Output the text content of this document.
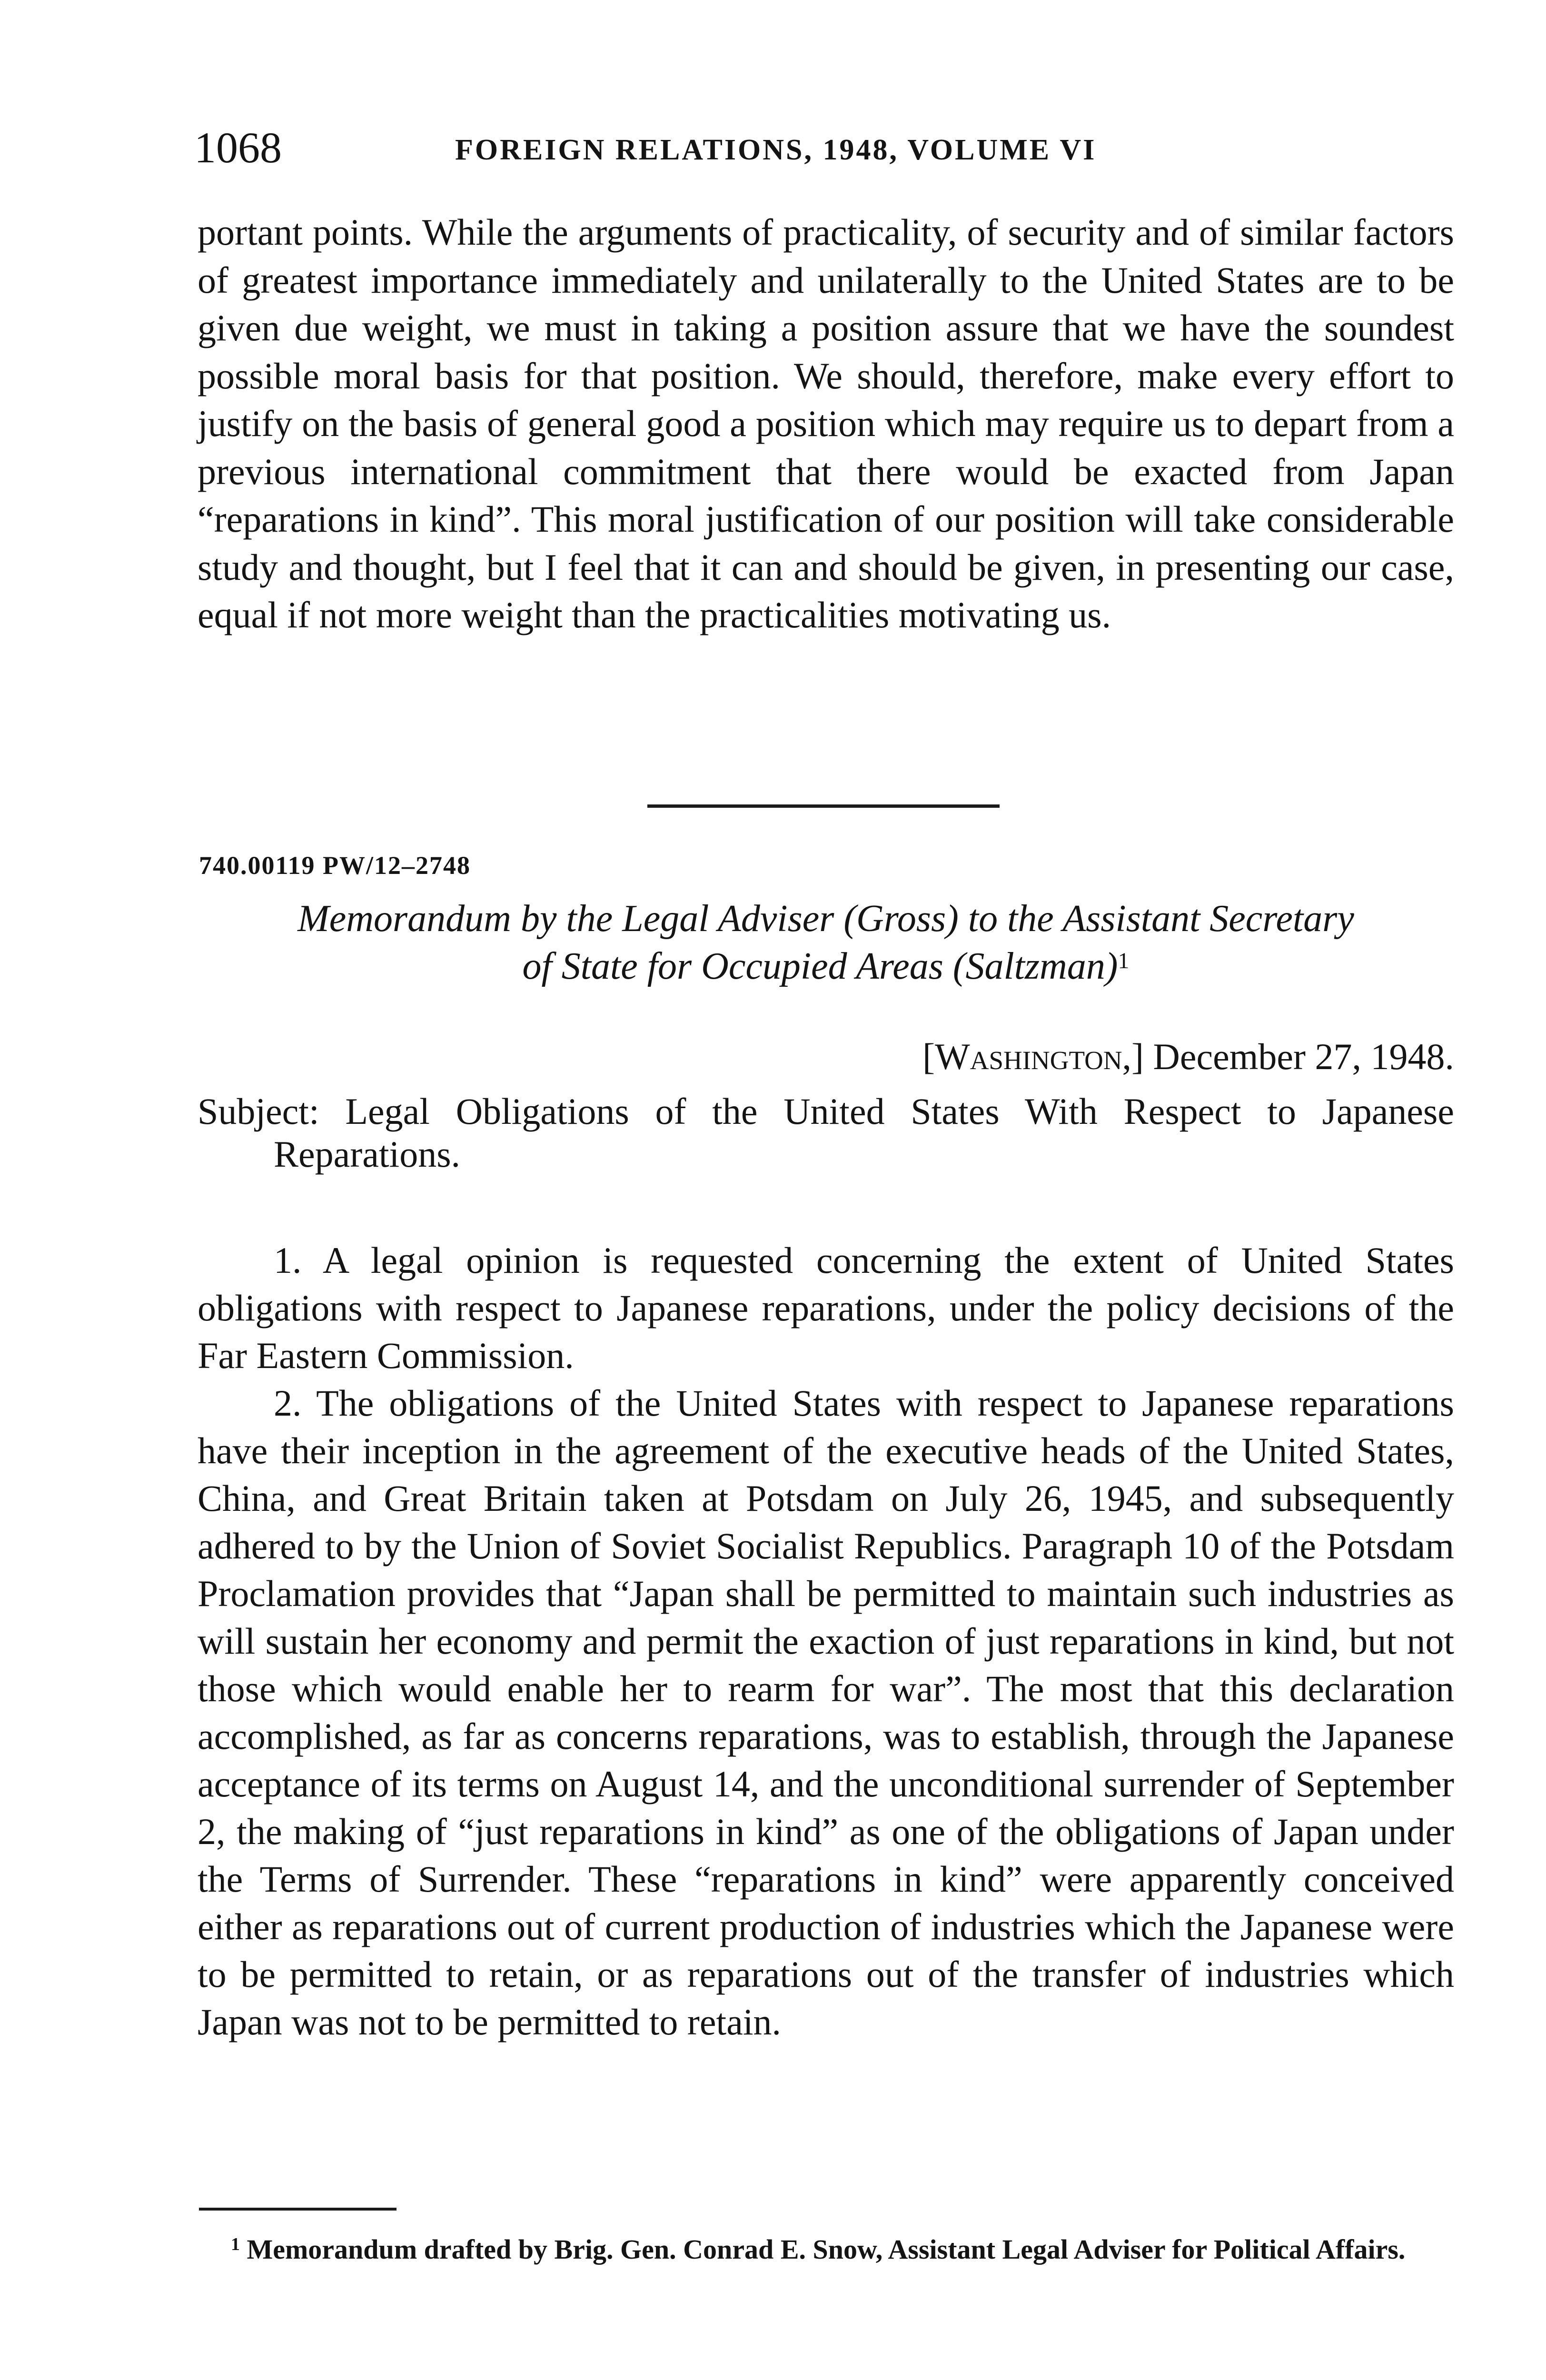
1068	FOREIGN RELATIONS, 1948, VOLUME VI

portant points. While the arguments of practicality, of security and of similar factors of greatest importance immediately and unilaterally to the United States are to be given due weight, we must in taking a position assure that we have the soundest possible moral basis for that position. We should, therefore, make every effort to justify on the basis of general good a position which may require us to depart from a previous international commitment that there would be exacted from Japan “reparations in kind”. This moral justification of our position will take considerable study and thought, but I feel that it can and should be given, in presenting our case, equal if not more weight than the practicalities motivating us.

740.00119 PW/12–2748
Memorandum by the Legal Adviser (Gross) to the Assistant Secretary
of State for Occupied Areas (Saltzman)$^1$
[Washington,] December 27, 1948.
Subject: Legal Obligations of the United States With Respect to Japanese Reparations.

1. A legal opinion is requested concerning the extent of United States obligations with respect to Japanese reparations, under the policy decisions of the Far Eastern Commission.

2. The obligations of the United States with respect to Japanese reparations have their inception in the agreement of the executive heads of the United States, China, and Great Britain taken at Potsdam on July 26, 1945, and subsequently adhered to by the Union of Soviet Socialist Republics. Paragraph 10 of the Potsdam Proclamation provides that “Japan shall be permitted to maintain such industries as will sustain her economy and permit the exaction of just reparations in kind, but not those which would enable her to rearm for war”. The most that this declaration accomplished, as far as concerns reparations, was to establish, through the Japanese acceptance of its terms on August 14, and the unconditional surrender of September 2, the making of “just reparations in kind” as one of the obligations of Japan under the Terms of Surrender. These “reparations in kind” were apparently conceived either as reparations out of current production of industries which the Japanese were to be permitted to retain, or as reparations out of the transfer of industries which Japan was not to be permitted to retain.

$^1$ Memorandum drafted by Brig. Gen. Conrad E. Snow, Assistant Legal Adviser for Political Affairs.
